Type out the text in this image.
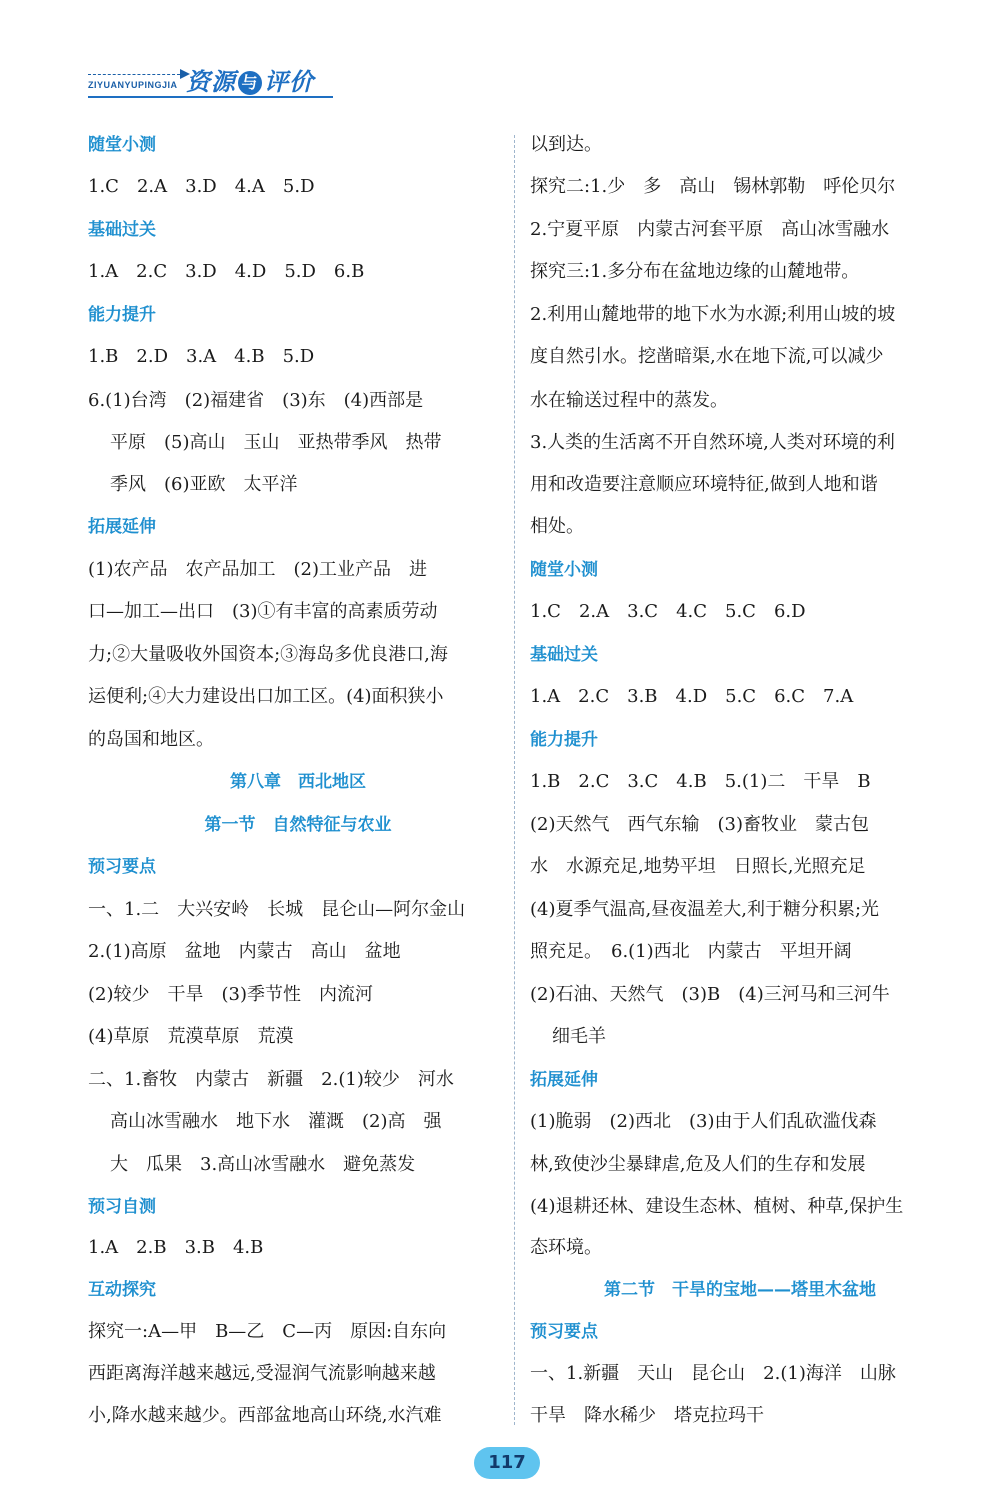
ZIYUANYUPINGJIA 资源 与 评价
随堂小测
1.C　2.A　3.D　4.A　5.D
基础过关
1.A　2.C　3.D　4.D　5.D　6.B
能力提升
1.B　2.D　3.A　4.B　5.D
6.(1)台湾　(2)福建省　(3)东　(4)西部是
平原　(5)高山　玉山　亚热带季风　热带
季风　(6)亚欧　太平洋
拓展延伸
(1)农产品　农产品加工　(2)工业产品　进
口—加工—出口　(3)①有丰富的高素质劳动
力;②大量吸收外国资本;③海岛多优良港口,海
运便利;④大力建设出口加工区。(4)面积狭小
的岛国和地区。
第八章　西北地区
第一节　自然特征与农业
预习要点
一、1.二　大兴安岭　长城　昆仑山—阿尔金山
2.(1)高原　盆地　内蒙古　高山　盆地
(2)较少　干旱　(3)季节性　内流河
(4)草原　荒漠草原　荒漠
二、1.畜牧　内蒙古　新疆　2.(1)较少　河水
高山冰雪融水　地下水　灌溉　(2)高　强
大　瓜果　3.高山冰雪融水　避免蒸发
预习自测
1.A　2.B　3.B　4.B
互动探究
探究一:A—甲　B—乙　C—丙　原因:自东向
西距离海洋越来越远,受湿润气流影响越来越
小,降水越来越少。西部盆地高山环绕,水汽难
以到达。
探究二:1.少　多　高山　锡林郭勒　呼伦贝尔
2.宁夏平原　内蒙古河套平原　高山冰雪融水
探究三:1.多分布在盆地边缘的山麓地带。
2.利用山麓地带的地下水为水源;利用山坡的坡
度自然引水。挖凿暗渠,水在地下流,可以减少
水在输送过程中的蒸发。
3.人类的生活离不开自然环境,人类对环境的利
用和改造要注意顺应环境特征,做到人地和谐
相处。
随堂小测
1.C　2.A　3.C　4.C　5.C　6.D
基础过关
1.A　2.C　3.B　4.D　5.C　6.C　7.A
能力提升
1.B　2.C　3.C　4.B　5.(1)二　干旱　B
(2)天然气　西气东输　(3)畜牧业　蒙古包
水　水源充足,地势平坦　日照长,光照充足
(4)夏季气温高,昼夜温差大,利于糖分积累;光
照充足。　6.(1)西北　内蒙古　平坦开阔
(2)石油、天然气　(3)B　(4)三河马和三河牛
细毛羊
拓展延伸
(1)脆弱　(2)西北　(3)由于人们乱砍滥伐森
林,致使沙尘暴肆虐,危及人们的生存和发展
(4)退耕还林、建设生态林、植树、种草,保护生
态环境。
第二节　干旱的宝地——塔里木盆地
预习要点
一、1.新疆　天山　昆仑山　2.(1)海洋　山脉
干旱　降水稀少　塔克拉玛干
117
